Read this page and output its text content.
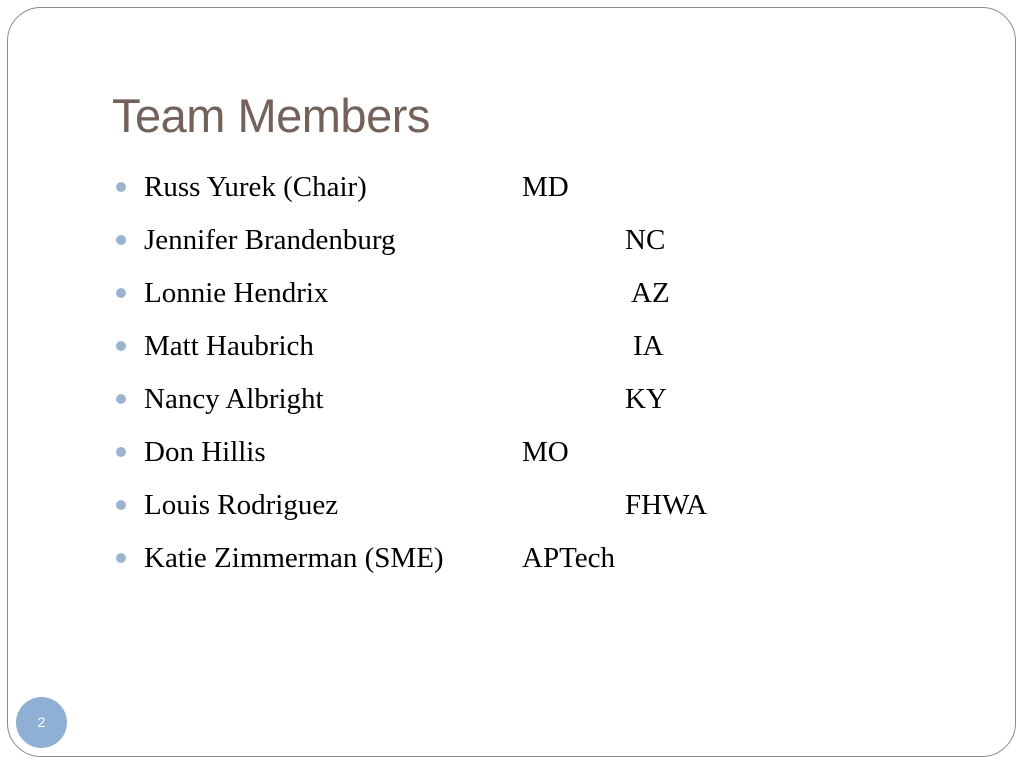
Team Members
Russ Yurek (Chair)	MD
Jennifer Brandenburg	NC
Lonnie Hendrix	AZ
Matt Haubrich	IA
Nancy Albright	KY
Don Hillis	MO
Louis Rodriguez	FHWA
Katie Zimmerman (SME)	APTech
2
